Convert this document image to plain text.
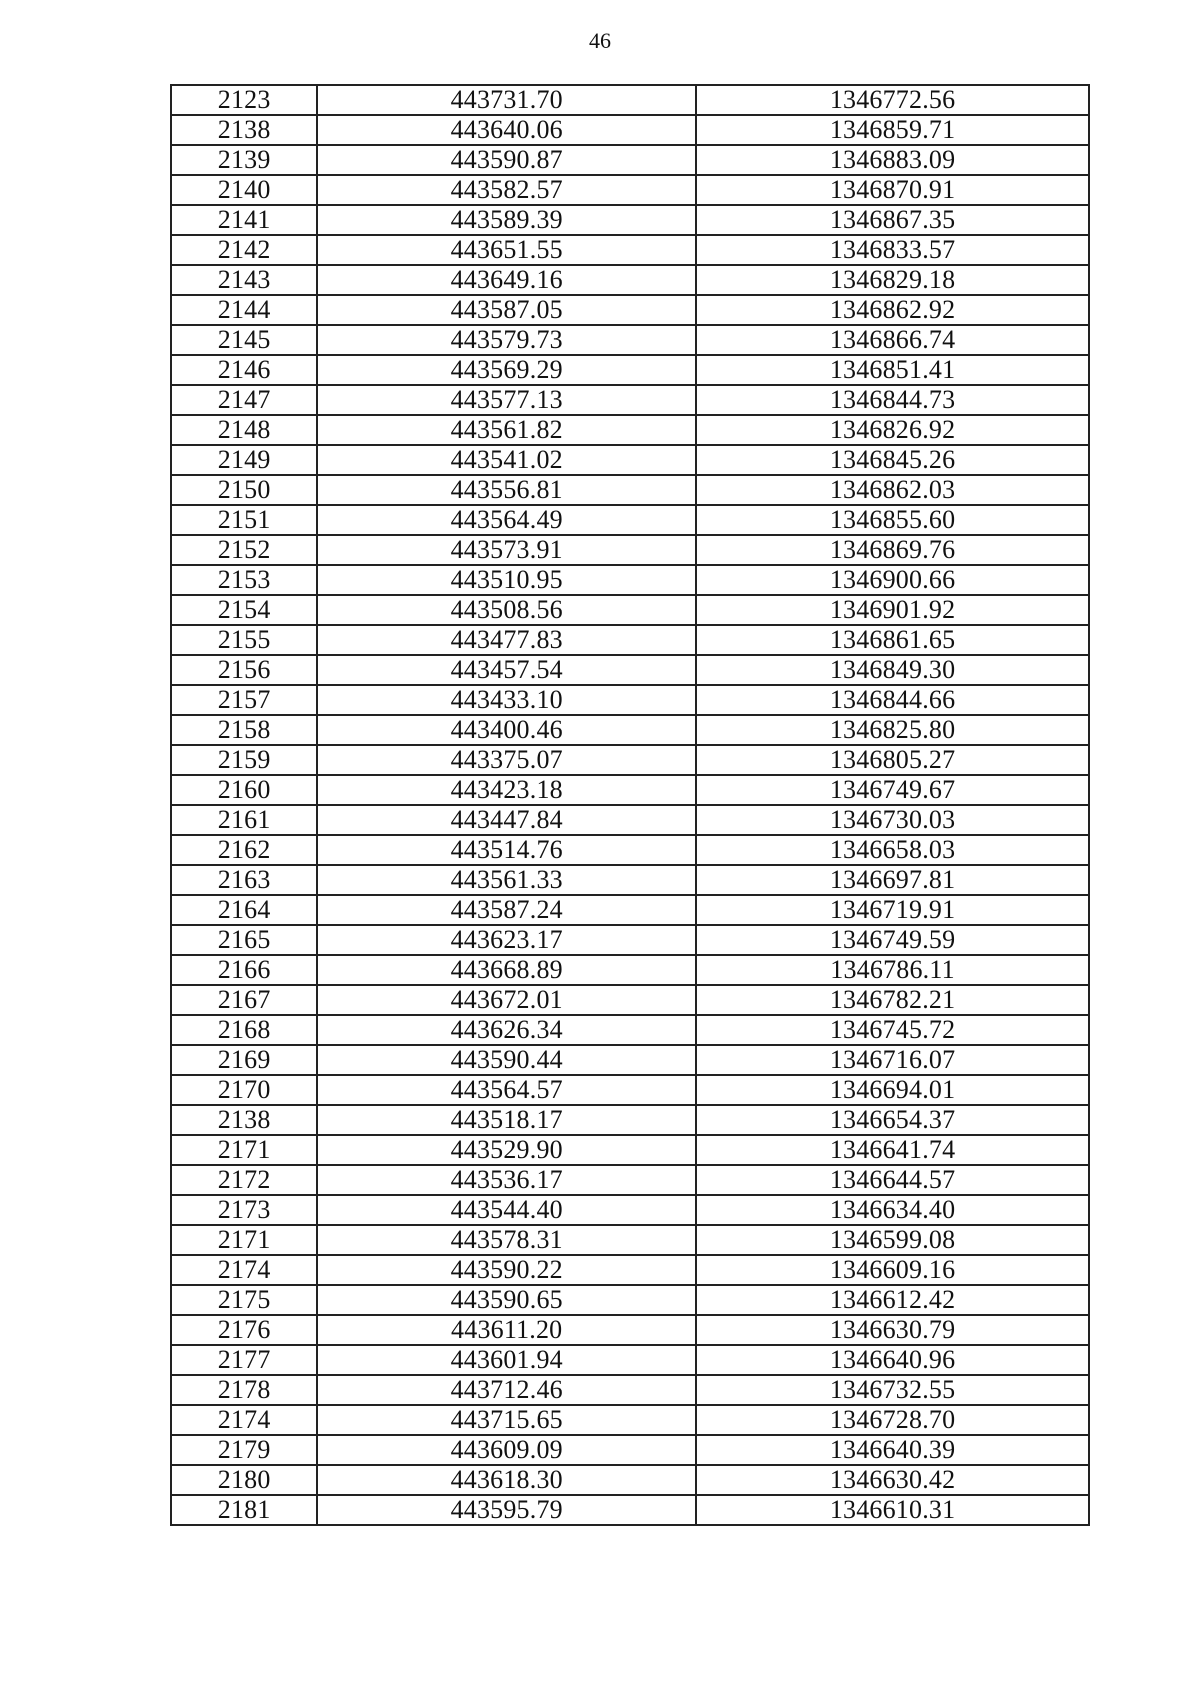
46
2123	443731.70	1346772.56
2138	443640.06	1346859.71
2139	443590.87	1346883.09
2140	443582.57	1346870.91
2141	443589.39	1346867.35
2142	443651.55	1346833.57
2143	443649.16	1346829.18
2144	443587.05	1346862.92
2145	443579.73	1346866.74
2146	443569.29	1346851.41
2147	443577.13	1346844.73
2148	443561.82	1346826.92
2149	443541.02	1346845.26
2150	443556.81	1346862.03
2151	443564.49	1346855.60
2152	443573.91	1346869.76
2153	443510.95	1346900.66
2154	443508.56	1346901.92
2155	443477.83	1346861.65
2156	443457.54	1346849.30
2157	443433.10	1346844.66
2158	443400.46	1346825.80
2159	443375.07	1346805.27
2160	443423.18	1346749.67
2161	443447.84	1346730.03
2162	443514.76	1346658.03
2163	443561.33	1346697.81
2164	443587.24	1346719.91
2165	443623.17	1346749.59
2166	443668.89	1346786.11
2167	443672.01	1346782.21
2168	443626.34	1346745.72
2169	443590.44	1346716.07
2170	443564.57	1346694.01
2138	443518.17	1346654.37
2171	443529.90	1346641.74
2172	443536.17	1346644.57
2173	443544.40	1346634.40
2171	443578.31	1346599.08
2174	443590.22	1346609.16
2175	443590.65	1346612.42
2176	443611.20	1346630.79
2177	443601.94	1346640.96
2178	443712.46	1346732.55
2174	443715.65	1346728.70
2179	443609.09	1346640.39
2180	443618.30	1346630.42
2181	443595.79	1346610.31
